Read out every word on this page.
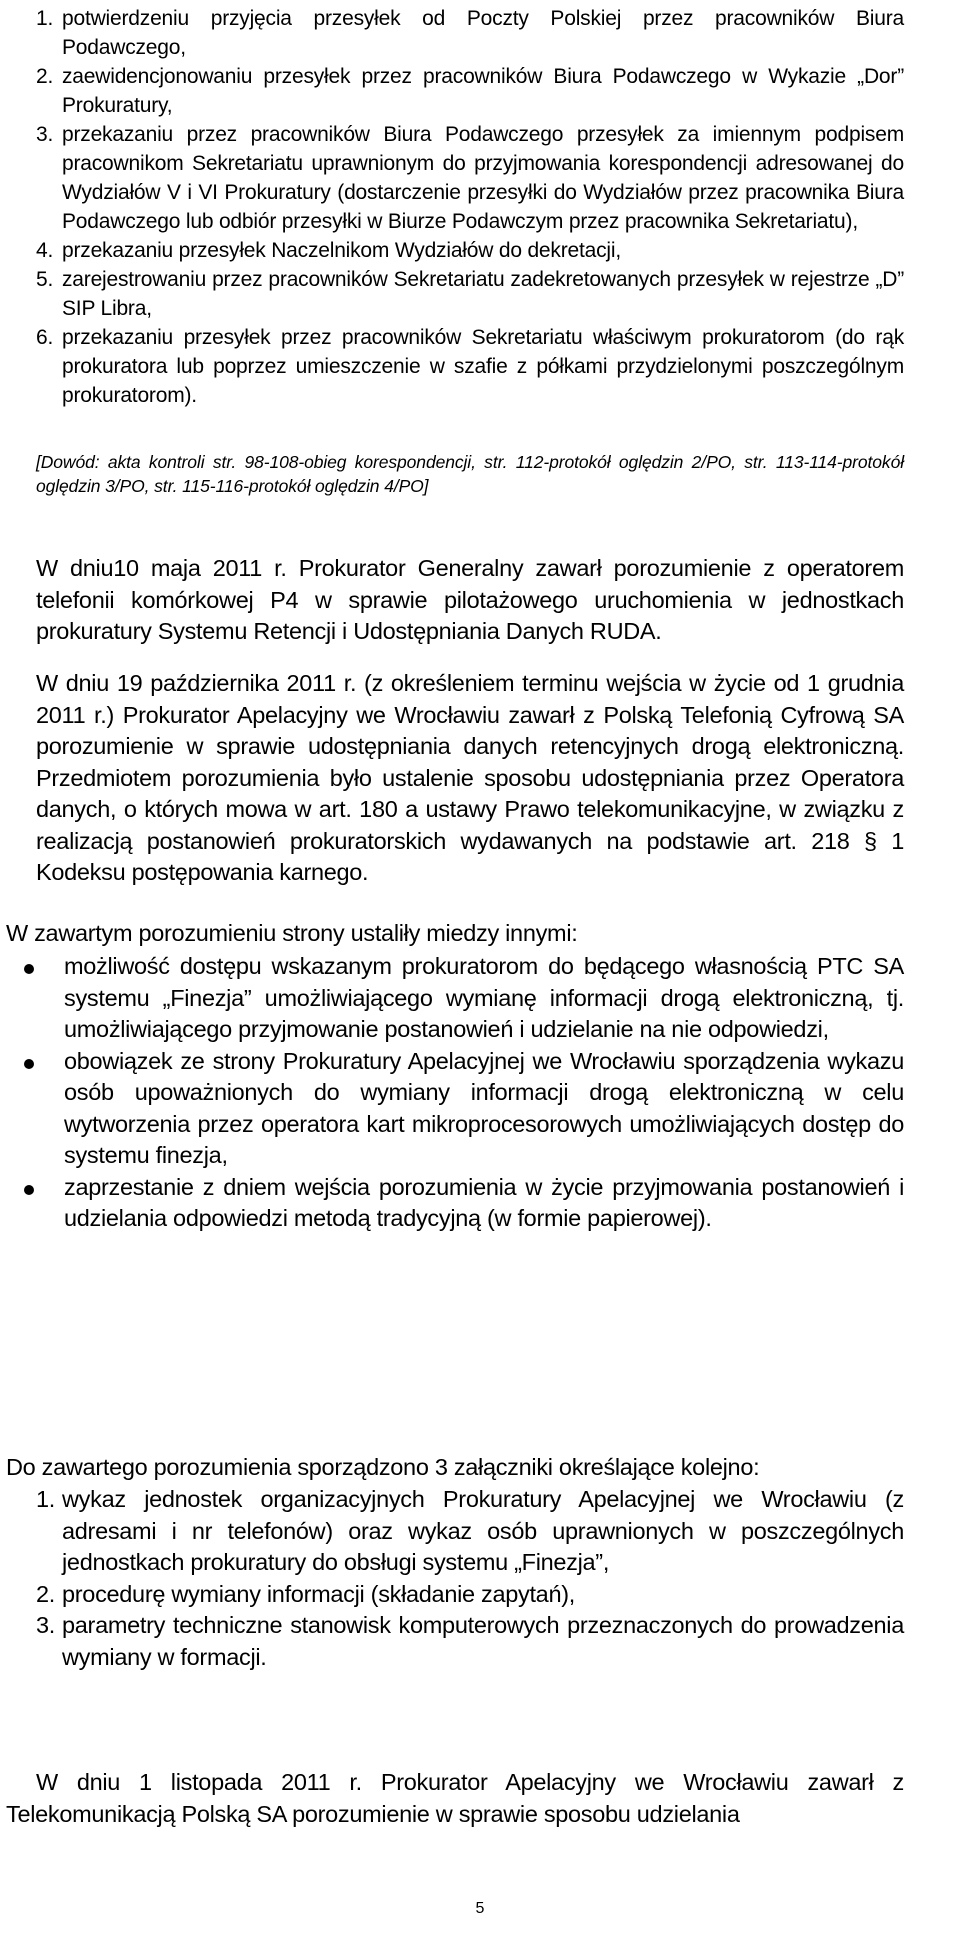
1. potwierdzeniu przyjęcia przesyłek od Poczty Polskiej przez pracowników Biura Podawczego,
2. zaewidencjonowaniu przesyłek przez pracowników Biura Podawczego w Wykazie „Dor” Prokuratury,
3. przekazaniu przez pracowników Biura Podawczego przesyłek za imiennym podpisem pracownikom Sekretariatu uprawnionym do przyjmowania korespondencji adresowanej do Wydziałów V i VI Prokuratury (dostarczenie przesyłki do Wydziałów przez pracownika Biura Podawczego lub odbiór przesyłki w Biurze Podawczym przez pracownika Sekretariatu),
4. przekazaniu przesyłek Naczelnikom Wydziałów do dekretacji,
5. zarejestrowaniu przez pracowników Sekretariatu zadekretowanych przesyłek w rejestrze „D” SIP Libra,
6. przekazaniu przesyłek przez pracowników Sekretariatu właściwym prokuratorom (do rąk prokuratora lub poprzez umieszczenie w szafie z półkami przydzielonymi poszczególnym prokuratorom).
[Dowód: akta kontroli str. 98-108-obieg korespondencji, str. 112-protokół oględzin 2/PO, str. 113-114-protokół oględzin 3/PO, str. 115-116-protokół oględzin 4/PO]
W dniu10 maja 2011 r. Prokurator Generalny zawarł porozumienie z operatorem telefonii komórkowej P4 w sprawie pilotażowego uruchomienia w jednostkach prokuratury Systemu Retencji i Udostępniania Danych RUDA.
W dniu 19 października 2011 r. (z określeniem terminu wejścia w życie od 1 grudnia 2011 r.) Prokurator Apelacyjny we Wrocławiu zawarł z Polską Telefonią Cyfrową SA porozumienie w sprawie udostępniania danych retencyjnych drogą elektroniczną. Przedmiotem porozumienia było ustalenie sposobu udostępniania przez Operatora danych, o których mowa w art. 180 a ustawy Prawo telekomunikacyjne, w związku z realizacją postanowień prokuratorskich wydawanych na podstawie art. 218 § 1 Kodeksu postępowania karnego.
W zawartym porozumieniu strony ustaliły miedzy innymi:
możliwość dostępu wskazanym prokuratorom do będącego własnością PTC SA systemu „Finezja” umożliwiającego wymianę informacji drogą elektroniczną, tj. umożliwiającego przyjmowanie postanowień i udzielanie na nie odpowiedzi,
obowiązek ze strony Prokuratury Apelacyjnej we Wrocławiu sporządzenia wykazu osób upoważnionych do wymiany informacji drogą elektroniczną w celu wytworzenia przez operatora kart mikroprocesorowych umożliwiających dostęp do systemu finezja,
zaprzestanie z dniem wejścia porozumienia w życie przyjmowania postanowień i udzielania odpowiedzi metodą tradycyjną (w formie papierowej).
Do zawartego porozumienia sporządzono 3 załączniki określające kolejno:
1. wykaz jednostek organizacyjnych Prokuratury Apelacyjnej we Wrocławiu (z adresami i nr telefonów) oraz wykaz osób uprawnionych w poszczególnych jednostkach prokuratury do obsługi systemu „Finezja”,
2. procedurę wymiany informacji (składanie zapytań),
3. parametry techniczne stanowisk komputerowych przeznaczonych do prowadzenia wymiany w formacji.
W dniu 1 listopada 2011 r. Prokurator Apelacyjny we Wrocławiu zawarł z Telekomunikacją Polską SA porozumienie w sprawie sposobu udzielania
5
